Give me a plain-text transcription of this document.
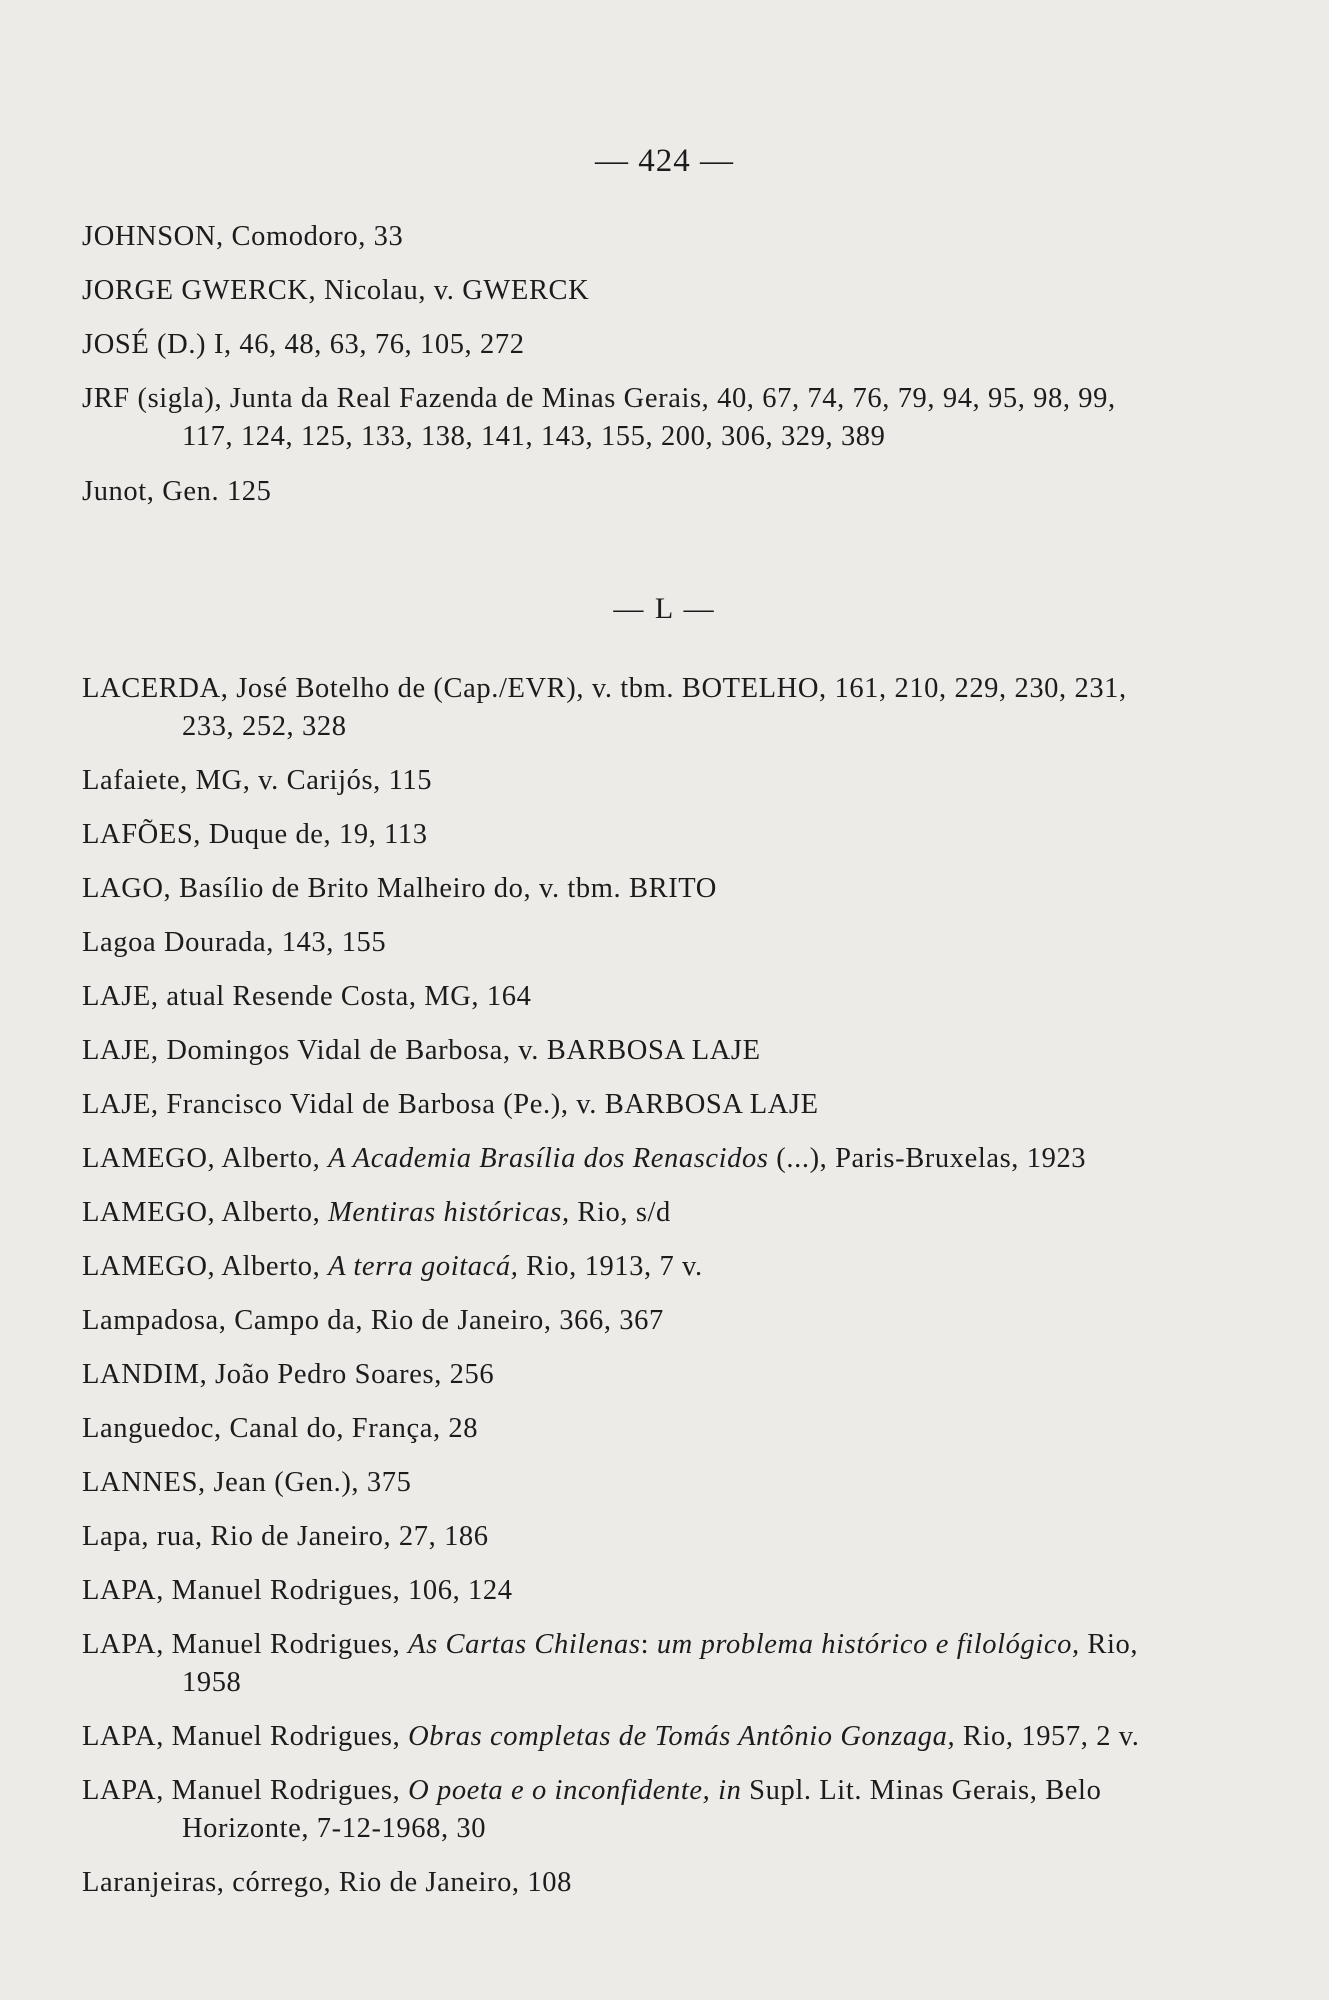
— 424 —
JOHNSON, Comodoro, 33
JORGE GWERCK, Nicolau, v. GWERCK
JOSÉ (D.) I, 46, 48, 63, 76, 105, 272
JRF (sigla), Junta da Real Fazenda de Minas Gerais, 40, 67, 74, 76, 79, 94, 95, 98, 99, 117, 124, 125, 133, 138, 141, 143, 155, 200, 306, 329, 389
Junot, Gen. 125
— L —
LACERDA, José Botelho de (Cap./EVR), v. tbm. BOTELHO, 161, 210, 229, 230, 231, 233, 252, 328
Lafaiete, MG, v. Carijós, 115
LAFÕES, Duque de, 19, 113
LAGO, Basílio de Brito Malheiro do, v. tbm. BRITO
Lagoa Dourada, 143, 155
LAJE, atual Resende Costa, MG, 164
LAJE, Domingos Vidal de Barbosa, v. BARBOSA LAJE
LAJE, Francisco Vidal de Barbosa (Pe.), v. BARBOSA LAJE
LAMEGO, Alberto, A Academia Brasília dos Renascidos (...), Paris-Bruxelas, 1923
LAMEGO, Alberto, Mentiras históricas, Rio, s/d
LAMEGO, Alberto, A terra goitacá, Rio, 1913, 7 v.
Lampadosa, Campo da, Rio de Janeiro, 366, 367
LANDIM, João Pedro Soares, 256
Languedoc, Canal do, França, 28
LANNES, Jean (Gen.), 375
Lapa, rua, Rio de Janeiro, 27, 186
LAPA, Manuel Rodrigues, 106, 124
LAPA, Manuel Rodrigues, As Cartas Chilenas: um problema histórico e filológico, Rio, 1958
LAPA, Manuel Rodrigues, Obras completas de Tomás Antônio Gonzaga, Rio, 1957, 2 v.
LAPA, Manuel Rodrigues, O poeta e o inconfidente, in Supl. Lit. Minas Gerais, Belo Horizonte, 7-12-1968, 30
Laranjeiras, córrego, Rio de Janeiro, 108
